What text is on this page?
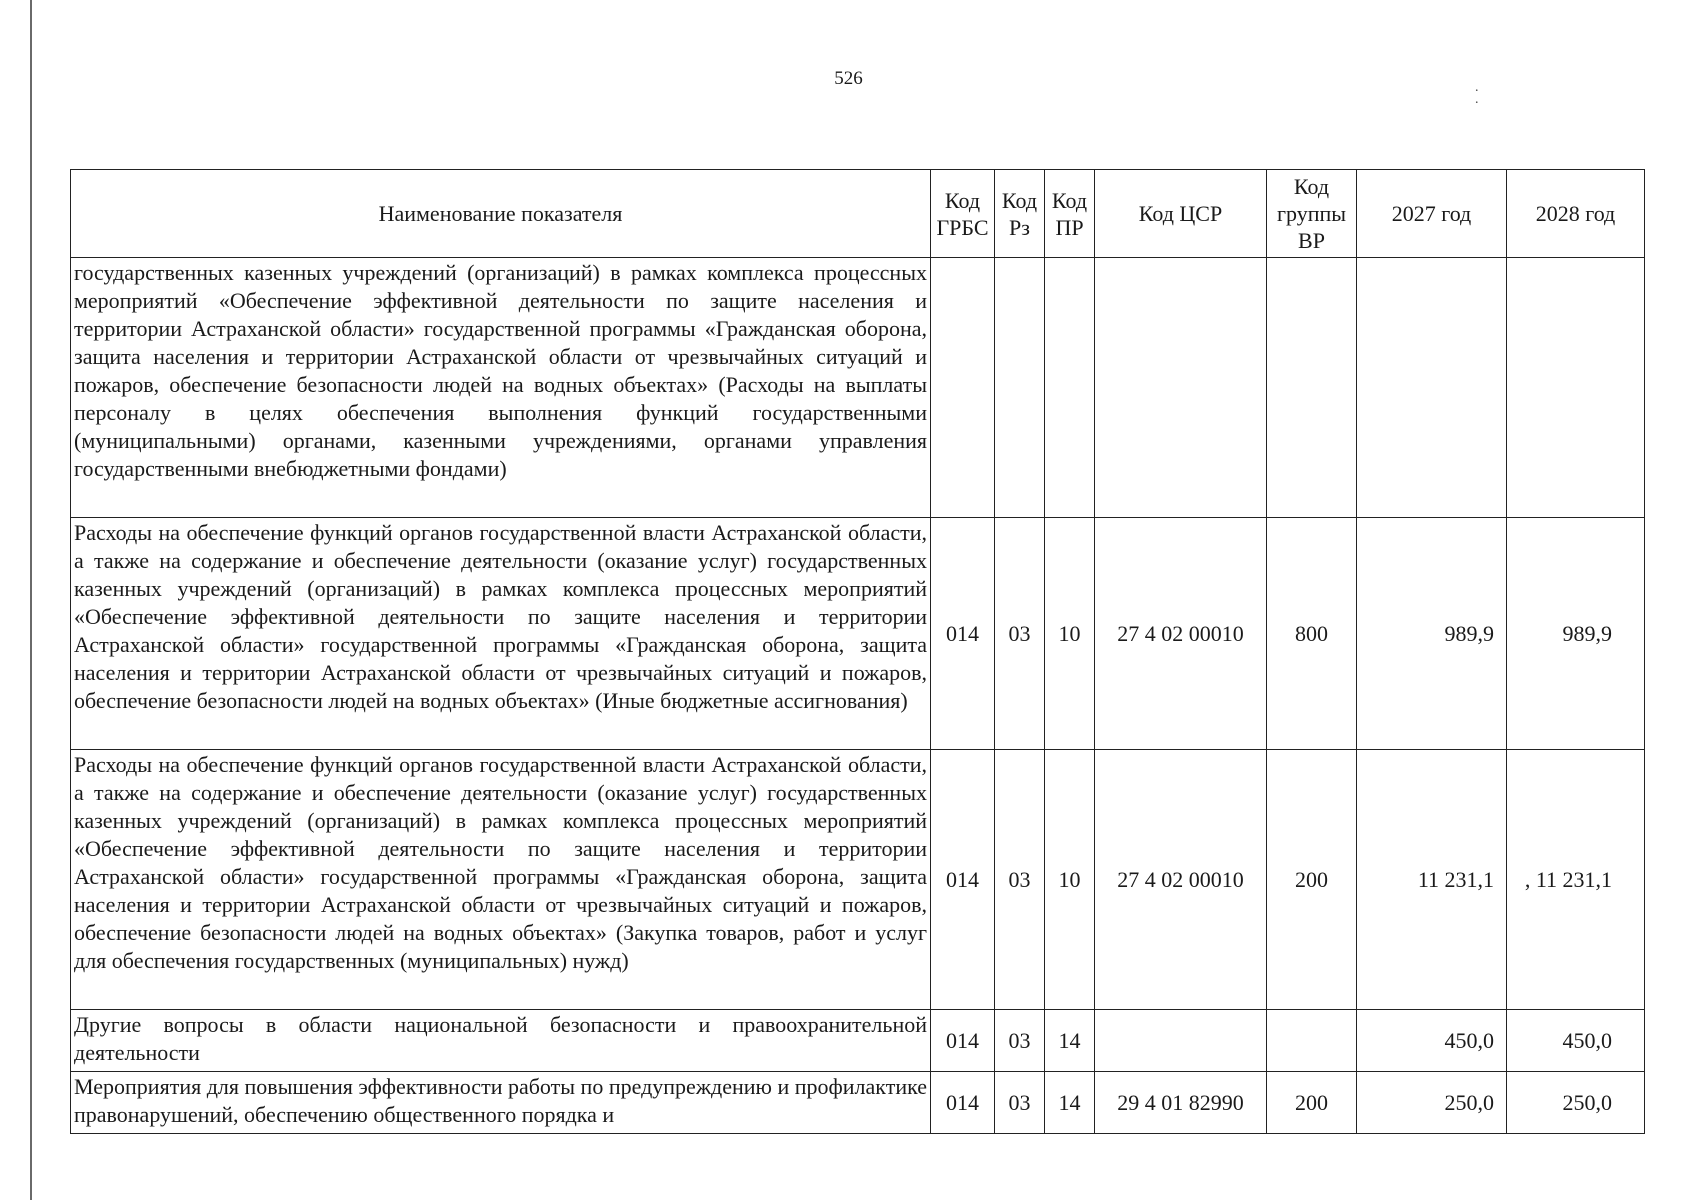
526	.
.
Наименование показателя	Код ГРБС	Код Рз	Код ПР	Код ЦСР	Код группы ВР	2027 год	2028 год
государственных казенных учреждений (организаций) в рамках комплекса процессных мероприятий «Обеспечение эффективной деятельности по защите населения и территории Астраханской области» государственной программы «Гражданская оборона, защита населения и территории Астраханской области от чрезвычайных ситуаций и пожаров, обеспечение безопасности людей на водных объектах» (Расходы на выплаты персоналу в целях обеспечения выполнения функций государственными (муниципальными) органами, казенными учреждениями, органами управления государственными внебюджетными фондами)							
Расходы на обеспечение функций органов государственной власти Астраханской области, а также на содержание и обеспечение деятельности (оказание услуг) государственных казенных учреждений (организаций) в рамках комплекса процессных мероприятий «Обеспечение эффективной деятельности по защите населения и территории Астраханской области» государственной программы «Гражданская оборона, защита населения и территории Астраханской области от чрезвычайных ситуаций и пожаров, обеспечение безопасности людей на водных объектах» (Иные бюджетные ассигнования)	014	03	10	27 4 02 00010	800	989,9	989,9
Расходы на обеспечение функций органов государственной власти Астраханской области, а также на содержание и обеспечение деятельности (оказание услуг) государственных казенных учреждений (организаций) в рамках комплекса процессных мероприятий «Обеспечение эффективной деятельности по защите населения и территории Астраханской области» государственной программы «Гражданская оборона, защита населения и территории Астраханской области от чрезвычайных ситуаций и пожаров, обеспечение безопасности людей на водных объектах» (Закупка товаров, работ и услуг для обеспечения государственных (муниципальных) нужд)	014	03	10	27 4 02 00010	200	11 231,1	, 11 231,1
Другие вопросы в области национальной безопасности и правоохранительной деятельности	014	03	14			450,0	450,0
Мероприятия для повышения эффективности работы по предупреждению и профилактике правонарушений, обеспечению общественного порядка и	014	03	14	29 4 01 82990	200	250,0	250,0
